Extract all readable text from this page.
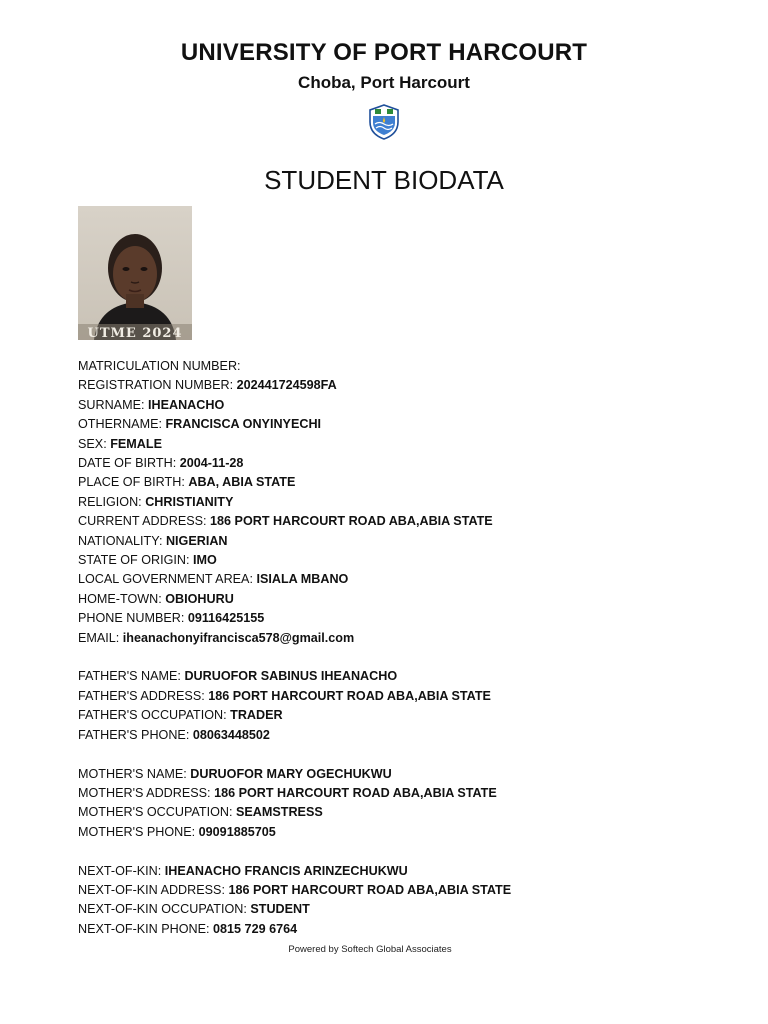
UNIVERSITY OF PORT HARCOURT
Choba, Port Harcourt
STUDENT BIODATA
UTME 2024
MATRICULATION NUMBER:
REGISTRATION NUMBER: 202441724598FA
SURNAME: IHEANACHO
OTHERNAME: FRANCISCA ONYINYECHI
SEX: FEMALE
DATE OF BIRTH: 2004-11-28
PLACE OF BIRTH: ABA, ABIA STATE
RELIGION: CHRISTIANITY
CURRENT ADDRESS: 186 PORT HARCOURT ROAD ABA,ABIA STATE
NATIONALITY: NIGERIAN
STATE OF ORIGIN: IMO
LOCAL GOVERNMENT AREA: ISIALA MBANO
HOME-TOWN: OBIOHURU
PHONE NUMBER: 09116425155
EMAIL: iheanachonyifrancisca578@gmail.com
FATHER'S NAME: DURUOFOR SABINUS IHEANACHO
FATHER'S ADDRESS: 186 PORT HARCOURT ROAD ABA,ABIA STATE
FATHER'S OCCUPATION: TRADER
FATHER'S PHONE: 08063448502
MOTHER'S NAME: DURUOFOR MARY OGECHUKWU
MOTHER'S ADDRESS: 186 PORT HARCOURT ROAD ABA,ABIA STATE
MOTHER'S OCCUPATION: SEAMSTRESS
MOTHER'S PHONE: 09091885705
NEXT-OF-KIN: IHEANACHO FRANCIS ARINZECHUKWU
NEXT-OF-KIN ADDRESS: 186 PORT HARCOURT ROAD ABA,ABIA STATE
NEXT-OF-KIN OCCUPATION: STUDENT
NEXT-OF-KIN PHONE: 0815 729 6764
Powered by Softech Global Associates
